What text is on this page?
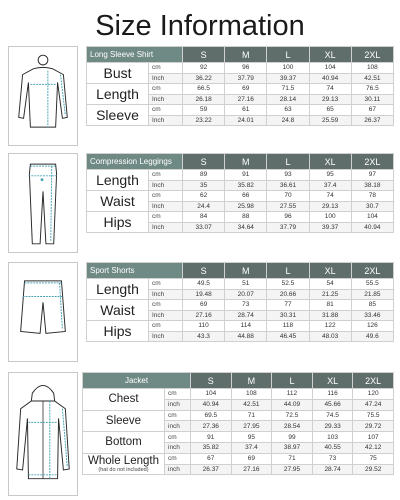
Size Information
Long Sleeve Shirt		S	M	L	XL	2XL
Bust	cm	92	96	100	104	108
	Inch	36.22	37.79	39.37	40.94	42.51
Length	cm	66.5	69	71.5	74	76.5
	Inch	26.18	27.16	28.14	29.13	30.11
Sleeve	cm	59	61	63	65	67
	Inch	23.22	24.01	24.8	25.59	26.37
Compression Leggings		S	M	L	XL	2XL
Length	cm	89	91	93	95	97
	Inch	35	35.82	36.61	37.4	38.18
Waist	cm	62	66	70	74	78
	Inch	24.4	25.98	27.55	29.13	30.7
Hips	cm	84	88	96	100	104
	Inch	33.07	34.64	37.79	39.37	40.94
Sport Shorts		S	M	L	XL	2XL
Length	cm	49.5	51	52.5	54	55.5
	Inch	19.48	20.07	20.66	21.25	21.85
Waist	cm	69	73	77	81	85
	Inch	27.16	28.74	30.31	31.88	33.46
Hips	cm	110	114	118	122	126
	Inch	43.3	44.88	46.45	48.03	49.6
Jacket		S	M	L	XL	2XL
Chest	cm	104	108	112	116	120
	inch	40.94	42.51	44.09	45.66	47.24
Sleeve	cm	69.5	71	72.5	74.5	75.5
	inch	27.36	27.95	28.54	29.33	29.72
Bottom	cm	91	95	99	103	107
	inch	35.82	37.4	38.97	40.55	42.12

Whole Length
(hat do not included)	cm	67	69	71	73	75
	inch	26.37	27.16	27.95	28.74	29.52
